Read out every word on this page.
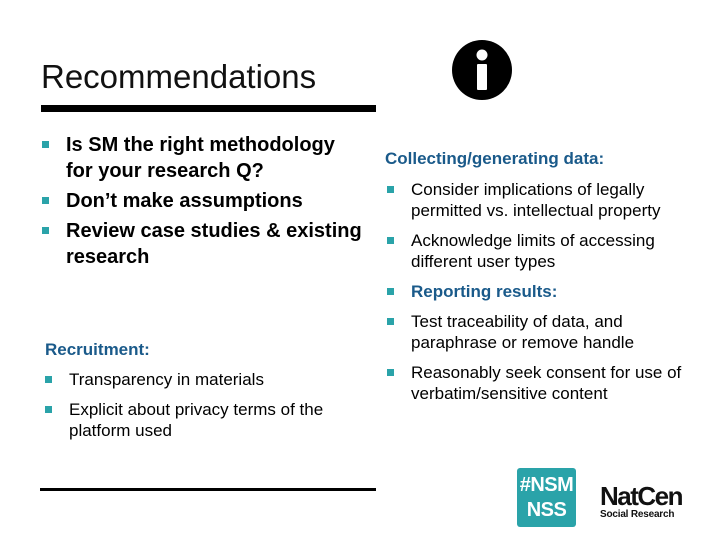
Recommendations
Is SM the right methodology for your research Q?
Don’t make assumptions
Review case studies & existing research
Recruitment:
Transparency in materials
Explicit about privacy terms of the platform used
Collecting/generating data:
Consider implications of legally permitted vs. intellectual property
Acknowledge limits of accessing different user types
Reporting results:
Test traceability of data, and paraphrase or remove handle
Reasonably seek consent for use of verbatim/sensitive content
#NSM
NSS	NatCen
Social Research
